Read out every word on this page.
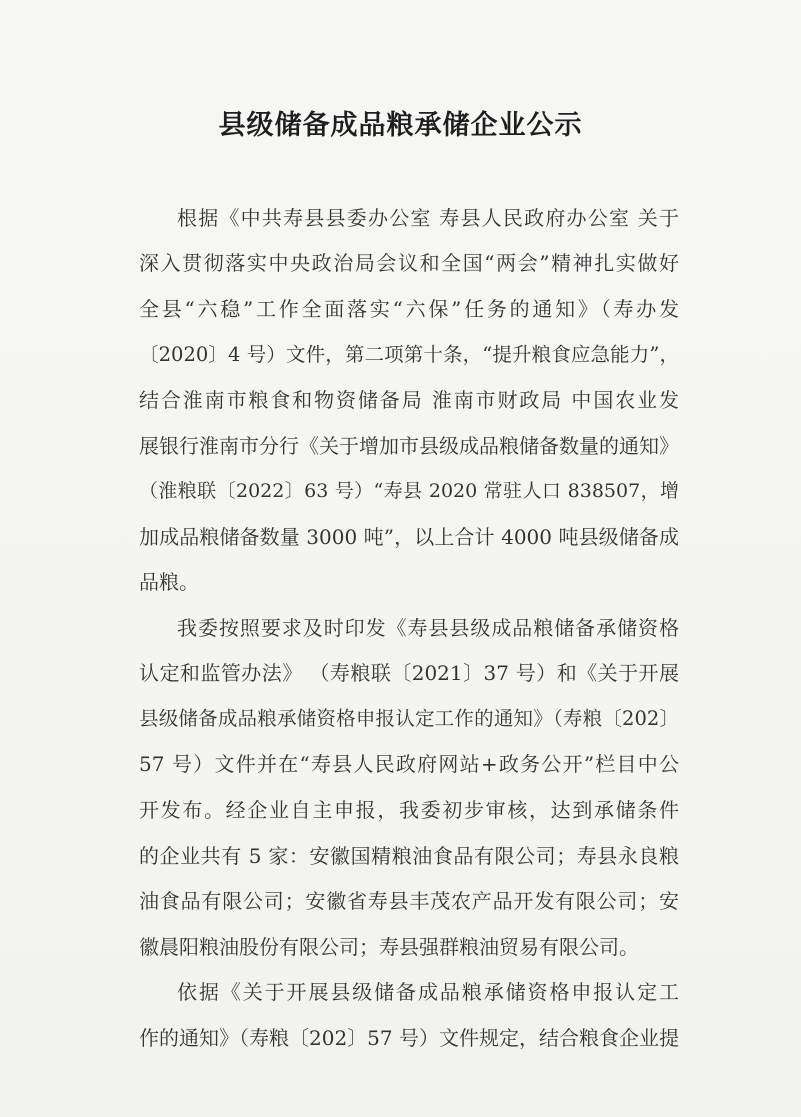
县级储备成品粮承储企业公示
根据《中共寿县县委办公室 寿县人民政府办公室 关于
深入贯彻落实中央政治局会议和全国“两会”精神扎实做好
全县“六稳”工作全面落实“六保”任务的通知》（寿办发
〔2020〕4 号）文件，第二项第十条，“提升粮食应急能力”，
结合淮南市粮食和物资储备局 淮南市财政局 中国农业发
展银行淮南市分行《关于增加市县级成品粮储备数量的通知》
（淮粮联〔2022〕63 号）“寿县 2020 常驻人口 838507，增
加成品粮储备数量 3000 吨”，以上合计 4000 吨县级储备成
品粮。
我委按照要求及时印发《寿县县级成品粮储备承储资格
认定和监管办法》 （寿粮联〔2021〕37 号）和《关于开展
县级储备成品粮承储资格申报认定工作的通知》（寿粮〔202〕
57 号）文件并在“寿县人民政府网站+政务公开”栏目中公
开发布。经企业自主申报，我委初步审核，达到承储条件
的企业共有 5 家：安徽国精粮油食品有限公司；寿县永良粮
油食品有限公司；安徽省寿县丰茂农产品开发有限公司；安
徽晨阳粮油股份有限公司；寿县强群粮油贸易有限公司。
依据《关于开展县级储备成品粮承储资格申报认定工
作的通知》（寿粮〔202〕57 号）文件规定，结合粮食企业提
